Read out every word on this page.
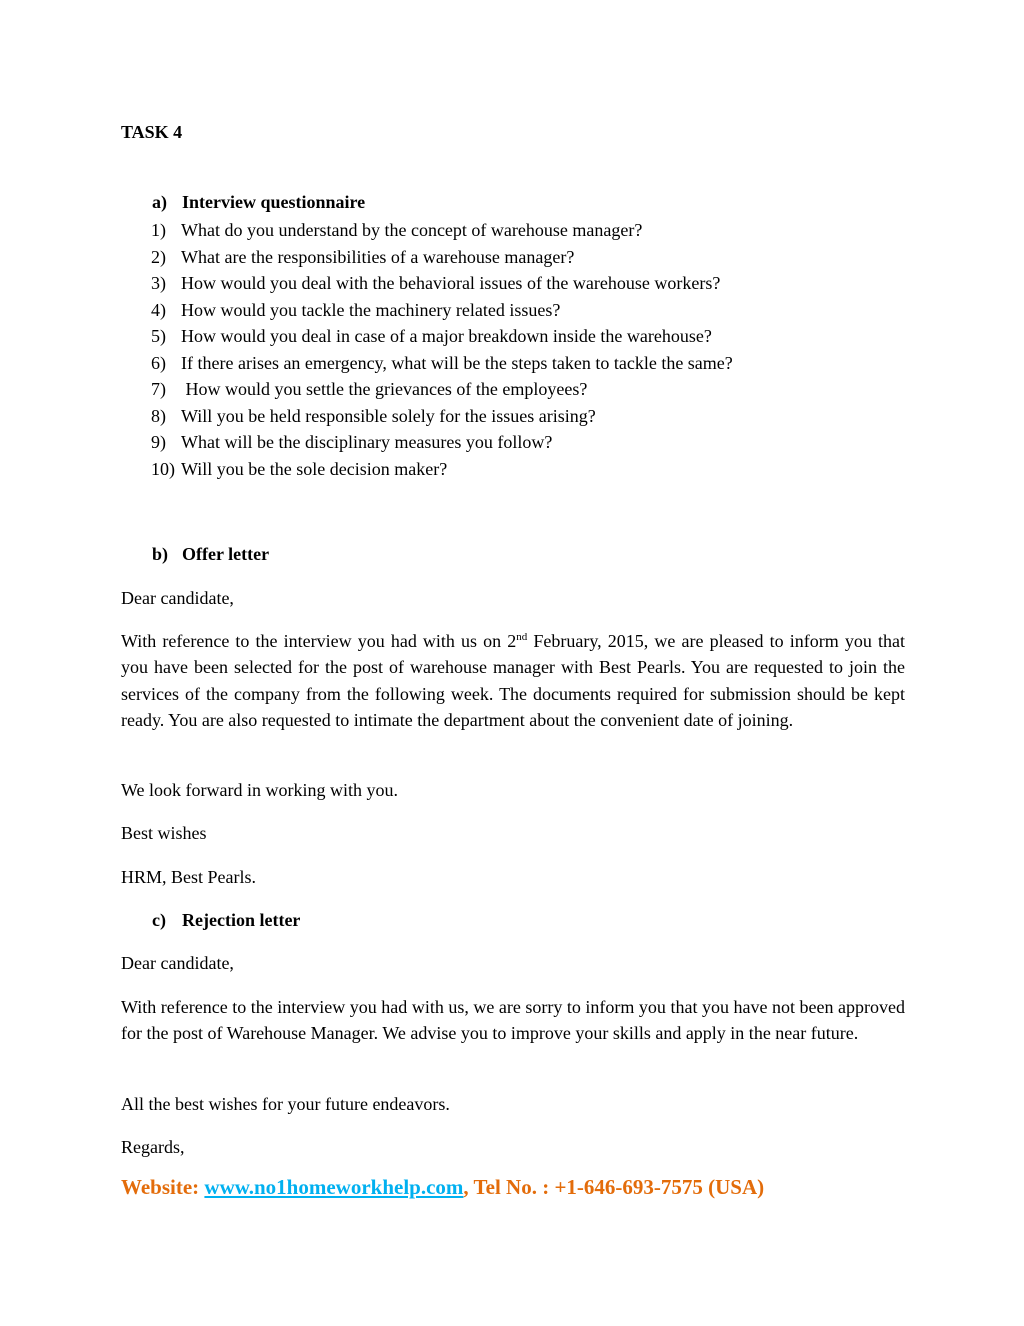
TASK 4
a) Interview questionnaire
1) What do you understand by the concept of warehouse manager?
2) What are the responsibilities of a warehouse manager?
3) How would you deal with the behavioral issues of the warehouse workers?
4) How would you tackle the machinery related issues?
5) How would you deal in case of a major breakdown inside the warehouse?
6) If there arises an emergency, what will be the steps taken to tackle the same?
7) How would you settle the grievances of the employees?
8) Will you be held responsible solely for the issues arising?
9) What will be the disciplinary measures you follow?
10) Will you be the sole decision maker?
b) Offer letter
Dear candidate,
With reference to the interview you had with us on 2nd February, 2015, we are pleased to inform you that you have been selected for the post of warehouse manager with Best Pearls. You are requested to join the services of the company from the following week. The documents required for submission should be kept ready. You are also requested to intimate the department about the convenient date of joining.
We look forward in working with you.
Best wishes
HRM, Best Pearls.
c) Rejection letter
Dear candidate,
With reference to the interview you had with us, we are sorry to inform you that you have not been approved for the post of Warehouse Manager. We advise you to improve your skills and apply in the near future.
All the best wishes for your future endeavors.
Regards,
Website: www.no1homeworkhelp.com, Tel No. : +1-646-693-7575 (USA)
